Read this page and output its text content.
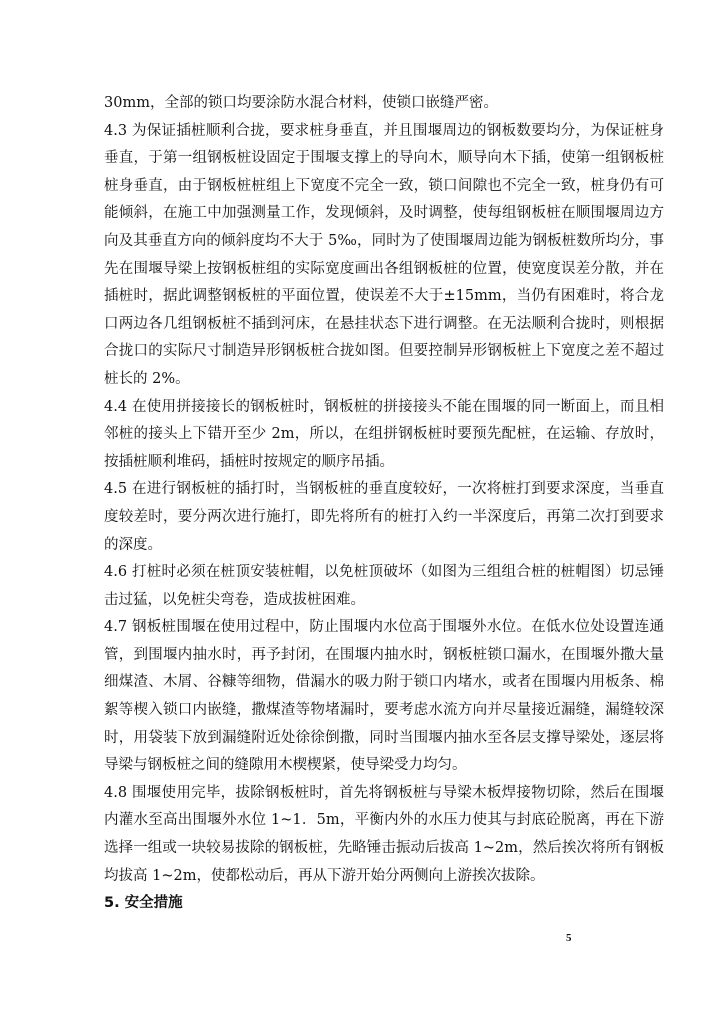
30mm，全部的锁口均要涂防水混合材料，使锁口嵌缝严密。

4.3 为保证插桩顺利合拢，要求桩身垂直，并且围堰周边的钢板数要均分，为保证桩身垂直，于第一组钢板桩设固定于围堰支撑上的导向木，顺导向木下插，使第一组钢板桩桩身垂直，由于钢板桩桩组上下宽度不完全一致，锁口间隙也不完全一致，桩身仍有可能倾斜，在施工中加强测量工作，发现倾斜，及时调整，使每组钢板桩在顺围堰周边方向及其垂直方向的倾斜度均不大于 5‰，同时为了使围堰周边能为钢板桩数所均分，事先在围堰导梁上按钢板桩组的实际宽度画出各组钢板桩的位置，使宽度误差分散，并在插桩时，据此调整钢板桩的平面位置，使误差不大于±15mm，当仍有困难时，将合龙口两边各几组钢板桩不插到河床，在悬挂状态下进行调整。在无法顺利合拢时，则根据合拢口的实际尺寸制造异形钢板桩合拢如图。但要控制异形钢板桩上下宽度之差不超过桩长的 2%。

4.4 在使用拼接接长的钢板桩时，钢板桩的拼接接头不能在围堰的同一断面上，而且相邻桩的接头上下错开至少 2m，所以，在组拼钢板桩时要预先配桩，在运输、存放时，按插桩顺利堆码，插桩时按规定的顺序吊插。

4.5 在进行钢板桩的插打时，当钢板桩的垂直度较好，一次将桩打到要求深度，当垂直度较差时，要分两次进行施打，即先将所有的桩打入约一半深度后，再第二次打到要求的深度。

4.6 打桩时必须在桩顶安装桩帽，以免桩顶破坏（如图为三组组合桩的桩帽图）切忌锤击过猛，以免桩尖弯卷，造成拔桩困难。

4.7 钢板桩围堰在使用过程中，防止围堰内水位高于围堰外水位。在低水位处设置连通管，到围堰内抽水时，再予封闭，在围堰内抽水时，钢板桩锁口漏水，在围堰外撒大量细煤渣、木屑、谷糠等细物，借漏水的吸力附于锁口内堵水，或者在围堰内用板条、棉絮等楔入锁口内嵌缝，撒煤渣等物堵漏时，要考虑水流方向并尽量接近漏缝，漏缝较深时，用袋装下放到漏缝附近处徐徐倒撒，同时当围堰内抽水至各层支撑导梁处，逐层将导梁与钢板桩之间的缝隙用木楔楔紧，使导梁受力均匀。

4.8 围堰使用完毕，拔除钢板桩时，首先将钢板桩与导梁木板焊接物切除，然后在围堰内灌水至高出围堰外水位 1~1．5m，平衡内外的水压力使其与封底砼脱离，再在下游选择一组或一块较易拔除的钢板桩，先略锤击振动后拔高 1~2m，然后挨次将所有钢板均拔高 1~2m，使都松动后，再从下游开始分两侧向上游挨次拔除。

5. 安全措施

5
